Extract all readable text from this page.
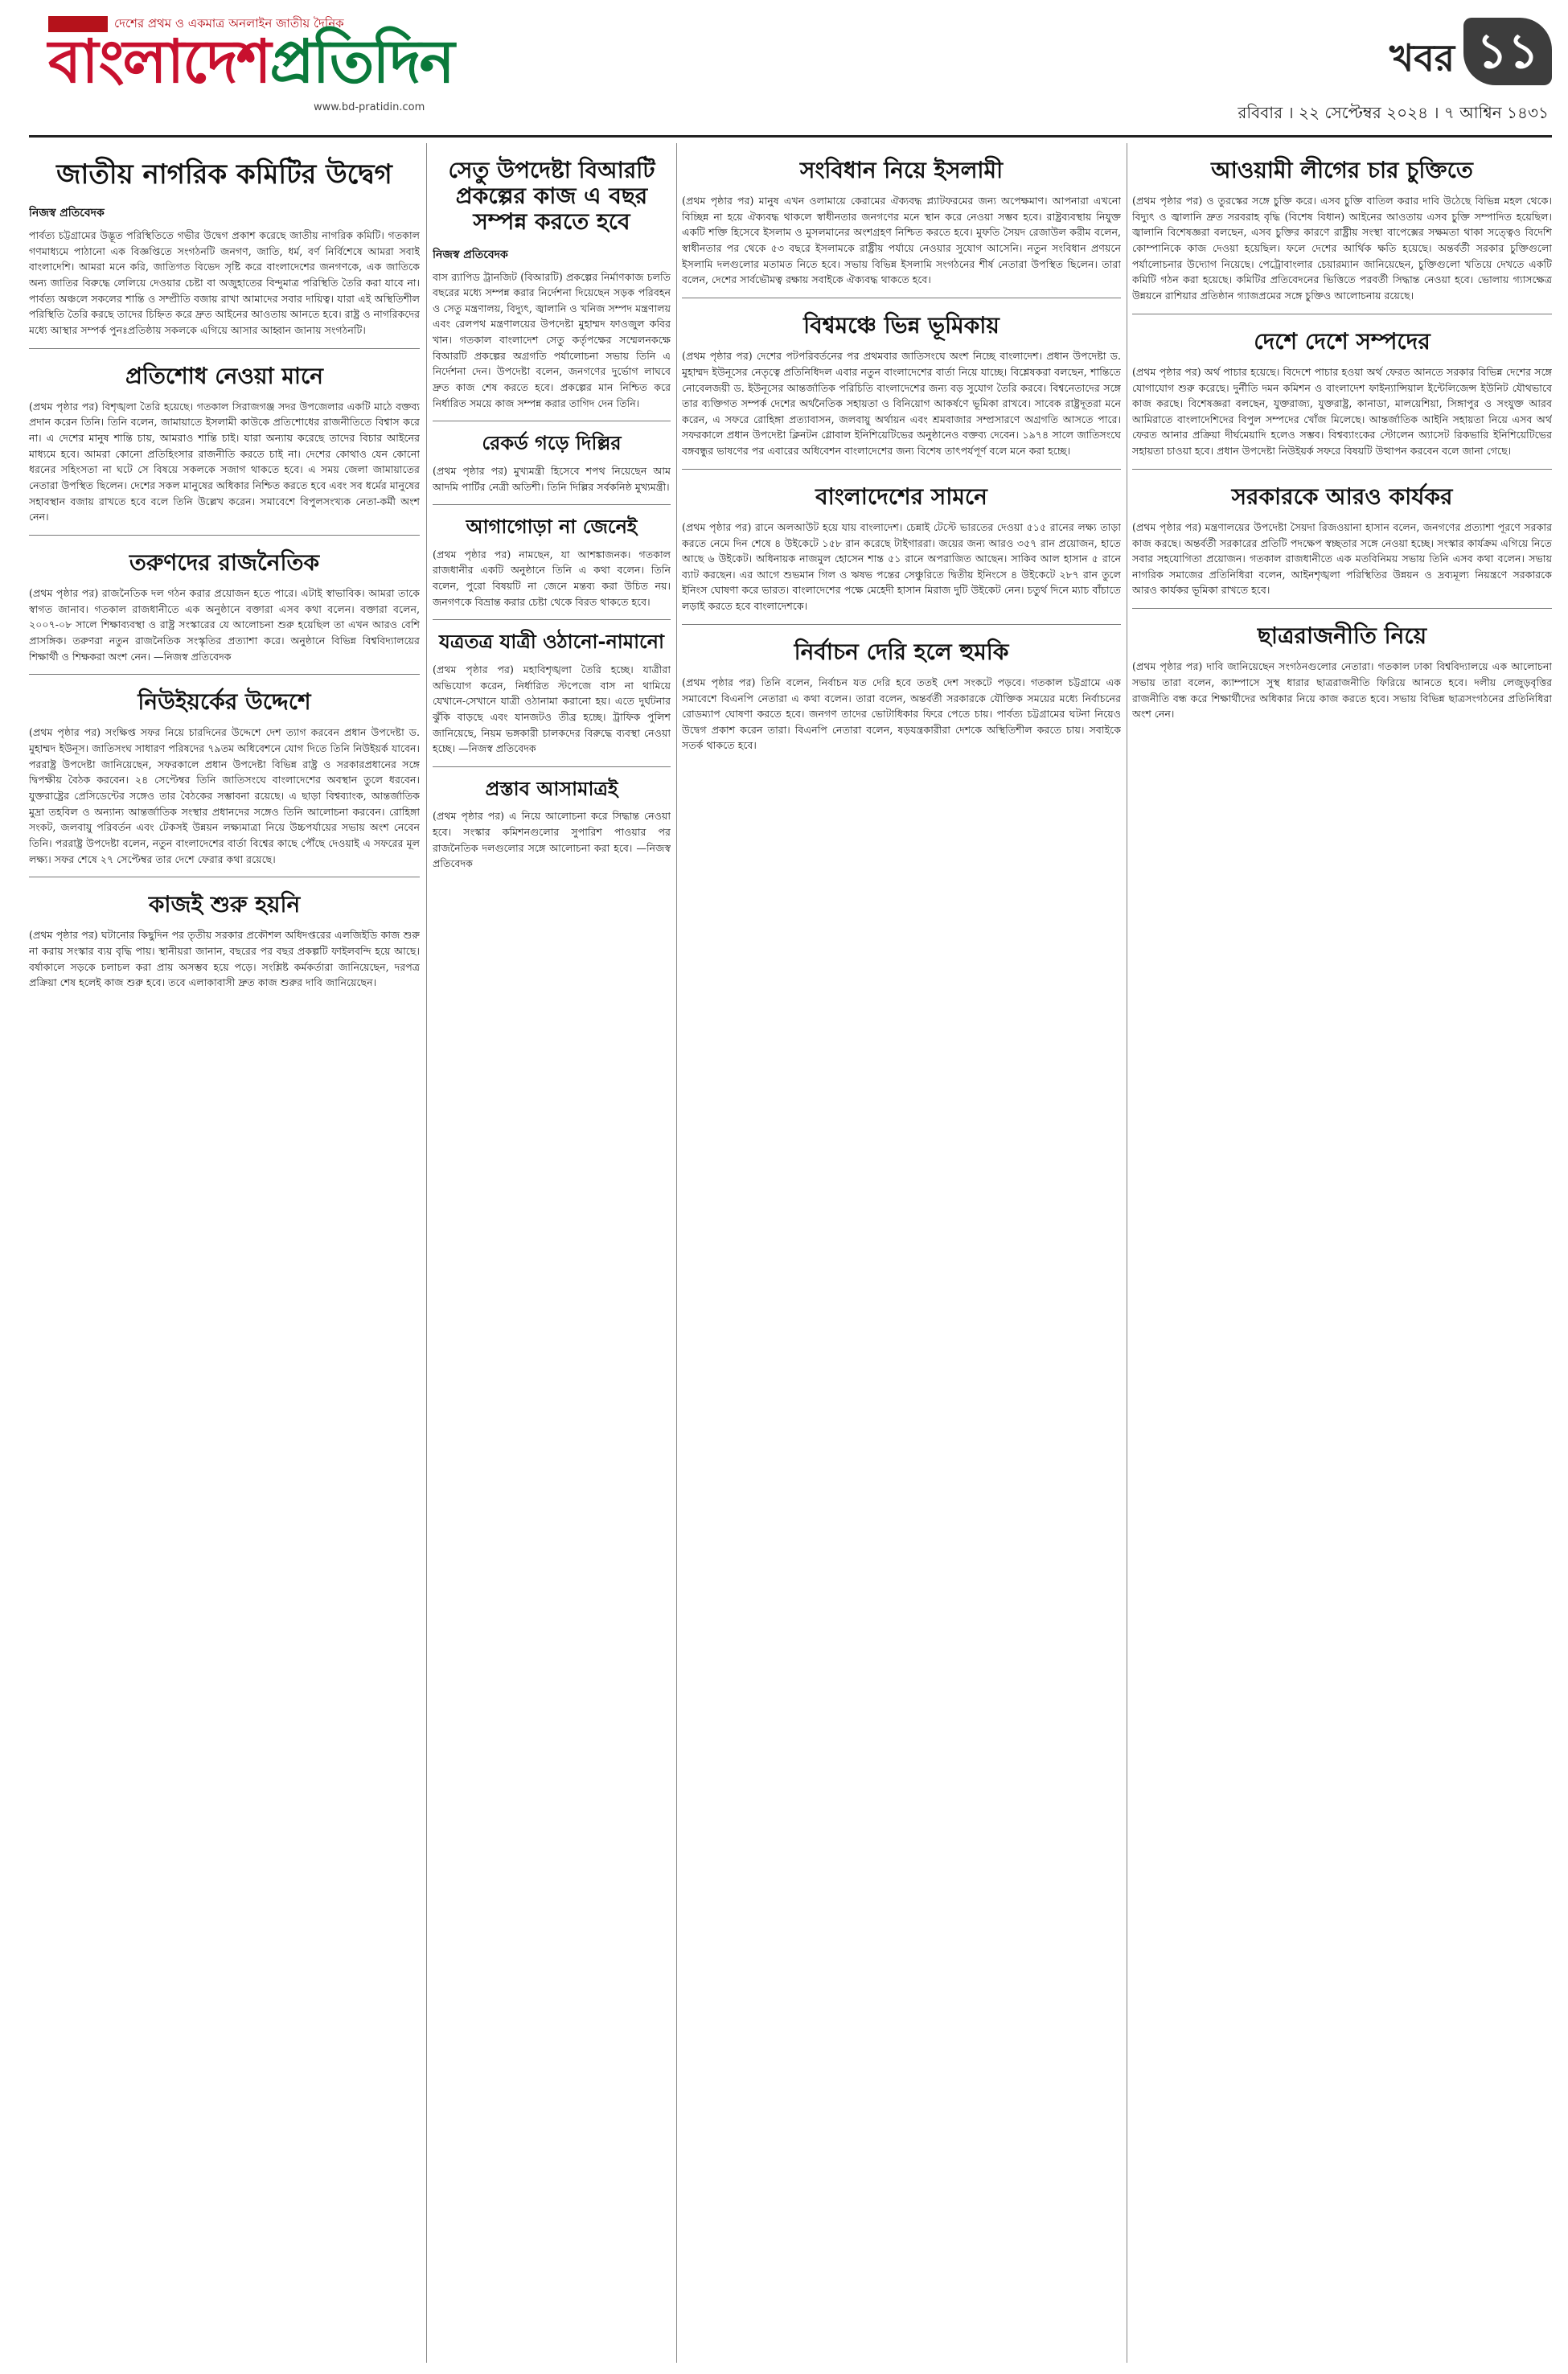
দেশের প্রথম ও একমাত্র অনলাইন জাতীয় দৈনিক
বাংলাদেশপ্রতিদিন
www.bd-pratidin.com
খবর ১১
রবিবার । ২২ সেপ্টেম্বর ২০২৪ । ৭ আশ্বিন ১৪৩১
জাতীয় নাগরিক কমিটির উদ্বেগ
নিজস্ব প্রতিবেদক

পার্বত্য চট্টগ্রামের উদ্ভূত পরিস্থিতিতে গভীর উদ্বেগ প্রকাশ করেছে জাতীয় নাগরিক কমিটি। গতকাল গণমাধ্যমে পাঠানো এক বিজ্ঞপ্তিতে সংগঠনটি জনগণ, জাতি, ধর্ম, বর্ণ নির্বিশেষে আমরা সবাই বাংলাদেশি। আমরা মনে করি, জাতিগত বিভেদ সৃষ্টি করে বাংলাদেশের জনগণকে, এক জাতিকে অন্য জাতির বিরুদ্ধে লেলিয়ে দেওয়ার চেষ্টা বা অজুহাতের বিন্দুমাত্র পরিস্থিতি তৈরি করা যাবে না। পার্বত্য অঞ্চলে সকলের শান্তি ও সম্প্রীতি বজায় রাখা আমাদের সবার দায়িত্ব। যারা এই অস্থিতিশীল পরিস্থিতি তৈরি করছে তাদের চিহ্নিত করে দ্রুত আইনের আওতায় আনতে হবে। রাষ্ট্র ও নাগরিকদের মধ্যে আস্থার সম্পর্ক পুনঃপ্রতিষ্ঠায় সকলকে এগিয়ে আসার আহ্বান জানায় সংগঠনটি।

প্রতিশোধ নেওয়া মানে

(প্রথম পৃষ্ঠার পর) বিশৃঙ্খলা তৈরি হয়েছে। গতকাল সিরাজগঞ্জ সদর উপজেলার একটি মাঠে বক্তব্য প্রদান করেন তিনি। তিনি বলেন, জামায়াতে ইসলামী কাউকে প্রতিশোধের রাজনীতিতে বিশ্বাস করে না। এ দেশের মানুষ শান্তি চায়, আমরাও শান্তি চাই। যারা অন্যায় করেছে তাদের বিচার আইনের মাধ্যমে হবে। আমরা কোনো প্রতিহিংসার রাজনীতি করতে চাই না। দেশের কোথাও যেন কোনো ধরনের সহিংসতা না ঘটে সে বিষয়ে সকলকে সজাগ থাকতে হবে। এ সময় জেলা জামায়াতের নেতারা উপস্থিত ছিলেন। দেশের সকল মানুষের অধিকার নিশ্চিত করতে হবে এবং সব ধর্মের মানুষের সহাবস্থান বজায় রাখতে হবে বলে তিনি উল্লেখ করেন। সমাবেশে বিপুলসংখ্যক নেতা-কর্মী অংশ নেন।

তরুণদের রাজনৈতিক

(প্রথম পৃষ্ঠার পর) রাজনৈতিক দল গঠন করার প্রয়োজন হতে পারে। এটাই স্বাভাবিক। আমরা তাকে স্বাগত জানাব। গতকাল রাজধানীতে এক অনুষ্ঠানে বক্তারা এসব কথা বলেন। বক্তারা বলেন, ২০০৭-০৮ সালে শিক্ষাব্যবস্থা ও রাষ্ট্র সংস্কারের যে আলোচনা শুরু হয়েছিল তা এখন আরও বেশি প্রাসঙ্গিক। তরুণরা নতুন রাজনৈতিক সংস্কৃতির প্রত্যাশা করে। অনুষ্ঠানে বিভিন্ন বিশ্ববিদ্যালয়ের শিক্ষার্থী ও শিক্ষকরা অংশ নেন। —নিজস্ব প্রতিবেদক

নিউইয়র্কের উদ্দেশে

(প্রথম পৃষ্ঠার পর) সংক্ষিপ্ত সফর নিয়ে চারদিনের উদ্দেশে দেশ ত্যাগ করবেন প্রধান উপদেষ্টা ড. মুহাম্মদ ইউনূস। জাতিসংঘ সাধারণ পরিষদের ৭৯তম অধিবেশনে যোগ দিতে তিনি নিউইয়র্ক যাবেন। পররাষ্ট্র উপদেষ্টা জানিয়েছেন, সফরকালে প্রধান উপদেষ্টা বিভিন্ন রাষ্ট্র ও সরকারপ্রধানের সঙ্গে দ্বিপক্ষীয় বৈঠক করবেন। ২৪ সেপ্টেম্বর তিনি জাতিসংঘে বাংলাদেশের অবস্থান তুলে ধরবেন। যুক্তরাষ্ট্রের প্রেসিডেন্টের সঙ্গেও তার বৈঠকের সম্ভাবনা রয়েছে। এ ছাড়া বিশ্বব্যাংক, আন্তর্জাতিক মুদ্রা তহবিল ও অন্যান্য আন্তর্জাতিক সংস্থার প্রধানদের সঙ্গেও তিনি আলোচনা করবেন। রোহিঙ্গা সংকট, জলবায়ু পরিবর্তন এবং টেকসই উন্নয়ন লক্ষ্যমাত্রা নিয়ে উচ্চপর্যায়ের সভায় অংশ নেবেন তিনি। পররাষ্ট্র উপদেষ্টা বলেন, নতুন বাংলাদেশের বার্তা বিশ্বের কাছে পৌঁছে দেওয়াই এ সফরের মূল লক্ষ্য। সফর শেষে ২৭ সেপ্টেম্বর তার দেশে ফেরার কথা রয়েছে।

কাজই শুরু হয়নি

(প্রথম পৃষ্ঠার পর) ঘটানোর কিছুদিন পর তৃতীয় সরকার প্রকৌশল অধিদপ্তরের এলজিইডি কাজ শুরু না করায় সংস্কার ব্যয় বৃদ্ধি পায়। স্থানীয়রা জানান, বছরের পর বছর প্রকল্পটি ফাইলবন্দি হয়ে আছে। বর্ষাকালে সড়কে চলাচল করা প্রায় অসম্ভব হয়ে পড়ে। সংশ্লিষ্ট কর্মকর্তারা জানিয়েছেন, দরপত্র প্রক্রিয়া শেষ হলেই কাজ শুরু হবে। তবে এলাকাবাসী দ্রুত কাজ শুরুর দাবি জানিয়েছেন।

সেতু উপদেষ্টা বিআরটি প্রকল্পের কাজ এ বছর সম্পন্ন করতে হবে
নিজস্ব প্রতিবেদক

বাস র‍্যাপিড ট্রানজিট (বিআরটি) প্রকল্পের নির্মাণকাজ চলতি বছরের মধ্যে সম্পন্ন করার নির্দেশনা দিয়েছেন সড়ক পরিবহন ও সেতু মন্ত্রণালয়, বিদ্যুৎ, জ্বালানি ও খনিজ সম্পদ মন্ত্রণালয় এবং রেলপথ মন্ত্রণালয়ের উপদেষ্টা মুহাম্মদ ফাওজুল কবির খান। গতকাল বাংলাদেশ সেতু কর্তৃপক্ষের সম্মেলনকক্ষে বিআরটি প্রকল্পের অগ্রগতি পর্যালোচনা সভায় তিনি এ নির্দেশনা দেন। উপদেষ্টা বলেন, জনগণের দুর্ভোগ লাঘবে দ্রুত কাজ শেষ করতে হবে। প্রকল্পের মান নিশ্চিত করে নির্ধারিত সময়ে কাজ সম্পন্ন করার তাগিদ দেন তিনি।

রেকর্ড গড়ে দিল্লির

(প্রথম পৃষ্ঠার পর) মুখ্যমন্ত্রী হিসেবে শপথ নিয়েছেন আম আদমি পার্টির নেত্রী অতিশী। তিনি দিল্লির সর্বকনিষ্ঠ মুখ্যমন্ত্রী।

আগাগোড়া না জেনেই

(প্রথম পৃষ্ঠার পর) নামছেন, যা আশঙ্কাজনক। গতকাল রাজধানীর একটি অনুষ্ঠানে তিনি এ কথা বলেন। তিনি বলেন, পুরো বিষয়টি না জেনে মন্তব্য করা উচিত নয়। জনগণকে বিভ্রান্ত করার চেষ্টা থেকে বিরত থাকতে হবে।

যত্রতত্র যাত্রী ওঠানো-নামানো

(প্রথম পৃষ্ঠার পর) মহাবিশৃঙ্খলা তৈরি হচ্ছে। যাত্রীরা অভিযোগ করেন, নির্ধারিত স্টপেজে বাস না থামিয়ে যেখানে-সেখানে যাত্রী ওঠানামা করানো হয়। এতে দুর্ঘটনার ঝুঁকি বাড়ছে এবং যানজটও তীব্র হচ্ছে। ট্রাফিক পুলিশ জানিয়েছে, নিয়ম ভঙ্গকারী চালকদের বিরুদ্ধে ব্যবস্থা নেওয়া হচ্ছে। —নিজস্ব প্রতিবেদক

প্রস্তাব আসামাত্রই

(প্রথম পৃষ্ঠার পর) এ নিয়ে আলোচনা করে সিদ্ধান্ত নেওয়া হবে। সংস্কার কমিশনগুলোর সুপারিশ পাওয়ার পর রাজনৈতিক দলগুলোর সঙ্গে আলোচনা করা হবে। —নিজস্ব প্রতিবেদক

সংবিধান নিয়ে ইসলামী

(প্রথম পৃষ্ঠার পর) মানুষ এখন ওলামায়ে কেরামের ঐক্যবদ্ধ প্ল্যাটফরমের জন্য অপেক্ষমাণ। আপনারা এখনো বিচ্ছিন্ন না হয়ে ঐক্যবদ্ধ থাকলে স্বাধীনতার জনগণের মনে স্থান করে নেওয়া সম্ভব হবে। রাষ্ট্রব্যবস্থায় নিযুক্ত একটি শক্তি হিসেবে ইসলাম ও মুসলমানের অংশগ্রহণ নিশ্চিত করতে হবে। মুফতি সৈয়দ রেজাউল করীম বলেন, স্বাধীনতার পর থেকে ৫৩ বছরে ইসলামকে রাষ্ট্রীয় পর্যায়ে নেওয়ার সুযোগ আসেনি। নতুন সংবিধান প্রণয়নে ইসলামি দলগুলোর মতামত নিতে হবে। সভায় বিভিন্ন ইসলামি সংগঠনের শীর্ষ নেতারা উপস্থিত ছিলেন। তারা বলেন, দেশের সার্বভৌমত্ব রক্ষায় সবাইকে ঐক্যবদ্ধ থাকতে হবে।

বিশ্বমঞ্চে ভিন্ন ভূমিকায়

(প্রথম পৃষ্ঠার পর) দেশের পটপরিবর্তনের পর প্রথমবার জাতিসংঘে অংশ নিচ্ছে বাংলাদেশ। প্রধান উপদেষ্টা ড. মুহাম্মদ ইউনূসের নেতৃত্বে প্রতিনিধিদল এবার নতুন বাংলাদেশের বার্তা নিয়ে যাচ্ছে। বিশ্লেষকরা বলছেন, শান্তিতে নোবেলজয়ী ড. ইউনূসের আন্তর্জাতিক পরিচিতি বাংলাদেশের জন্য বড় সুযোগ তৈরি করবে। বিশ্বনেতাদের সঙ্গে তার ব্যক্তিগত সম্পর্ক দেশের অর্থনৈতিক সহায়তা ও বিনিয়োগ আকর্ষণে ভূমিকা রাখবে। সাবেক রাষ্ট্রদূতরা মনে করেন, এ সফরে রোহিঙ্গা প্রত্যাবাসন, জলবায়ু অর্থায়ন এবং শ্রমবাজার সম্প্রসারণে অগ্রগতি আসতে পারে। সফরকালে প্রধান উপদেষ্টা ক্লিনটন গ্লোবাল ইনিশিয়েটিভের অনুষ্ঠানেও বক্তব্য দেবেন। ১৯৭৪ সালে জাতিসংঘে বঙ্গবন্ধুর ভাষণের পর এবারের অধিবেশন বাংলাদেশের জন্য বিশেষ তাৎপর্যপূর্ণ বলে মনে করা হচ্ছে।

বাংলাদেশের সামনে

(প্রথম পৃষ্ঠার পর) রানে অলআউট হয়ে যায় বাংলাদেশ। চেন্নাই টেস্টে ভারতের দেওয়া ৫১৫ রানের লক্ষ্য তাড়া করতে নেমে দিন শেষে ৪ উইকেটে ১৫৮ রান করেছে টাইগাররা। জয়ের জন্য আরও ৩৫৭ রান প্রয়োজন, হাতে আছে ৬ উইকেট। অধিনায়ক নাজমুল হোসেন শান্ত ৫১ রানে অপরাজিত আছেন। সাকিব আল হাসান ৫ রানে ব্যাট করছেন। এর আগে শুভমান গিল ও ঋষভ পন্তের সেঞ্চুরিতে দ্বিতীয় ইনিংসে ৪ উইকেটে ২৮৭ রান তুলে ইনিংস ঘোষণা করে ভারত। বাংলাদেশের পক্ষে মেহেদী হাসান মিরাজ দুটি উইকেট নেন। চতুর্থ দিনে ম্যাচ বাঁচাতে লড়াই করতে হবে বাংলাদেশকে।

নির্বাচন দেরি হলে হুমকি

(প্রথম পৃষ্ঠার পর) তিনি বলেন, নির্বাচন যত দেরি হবে ততই দেশ সংকটে পড়বে। গতকাল চট্টগ্রামে এক সমাবেশে বিএনপি নেতারা এ কথা বলেন। তারা বলেন, অন্তর্বর্তী সরকারকে যৌক্তিক সময়ের মধ্যে নির্বাচনের রোডম্যাপ ঘোষণা করতে হবে। জনগণ তাদের ভোটাধিকার ফিরে পেতে চায়। পার্বত্য চট্টগ্রামের ঘটনা নিয়েও উদ্বেগ প্রকাশ করেন তারা। বিএনপি নেতারা বলেন, ষড়যন্ত্রকারীরা দেশকে অস্থিতিশীল করতে চায়। সবাইকে সতর্ক থাকতে হবে।

আওয়ামী লীগের চার চুক্তিতে

(প্রথম পৃষ্ঠার পর) ও তুরস্কের সঙ্গে চুক্তি করে। এসব চুক্তি বাতিল করার দাবি উঠেছে বিভিন্ন মহল থেকে। বিদ্যুৎ ও জ্বালানি দ্রুত সরবরাহ বৃদ্ধি (বিশেষ বিধান) আইনের আওতায় এসব চুক্তি সম্পাদিত হয়েছিল। জ্বালানি বিশেষজ্ঞরা বলছেন, এসব চুক্তির কারণে রাষ্ট্রীয় সংস্থা বাপেক্সের সক্ষমতা থাকা সত্ত্বেও বিদেশি কোম্পানিকে কাজ দেওয়া হয়েছিল। ফলে দেশের আর্থিক ক্ষতি হয়েছে। অন্তর্বর্তী সরকার চুক্তিগুলো পর্যালোচনার উদ্যোগ নিয়েছে। পেট্রোবাংলার চেয়ারম্যান জানিয়েছেন, চুক্তিগুলো খতিয়ে দেখতে একটি কমিটি গঠন করা হয়েছে। কমিটির প্রতিবেদনের ভিত্তিতে পরবর্তী সিদ্ধান্ত নেওয়া হবে। ভোলায় গ্যাসক্ষেত্র উন্নয়নে রাশিয়ার প্রতিষ্ঠান গ্যাজপ্রমের সঙ্গে চুক্তিও আলোচনায় রয়েছে।

দেশে দেশে সম্পদের

(প্রথম পৃষ্ঠার পর) অর্থ পাচার হয়েছে। বিদেশে পাচার হওয়া অর্থ ফেরত আনতে সরকার বিভিন্ন দেশের সঙ্গে যোগাযোগ শুরু করেছে। দুর্নীতি দমন কমিশন ও বাংলাদেশ ফাইন্যান্সিয়াল ইন্টেলিজেন্স ইউনিট যৌথভাবে কাজ করছে। বিশেষজ্ঞরা বলছেন, যুক্তরাজ্য, যুক্তরাষ্ট্র, কানাডা, মালয়েশিয়া, সিঙ্গাপুর ও সংযুক্ত আরব আমিরাতে বাংলাদেশিদের বিপুল সম্পদের খোঁজ মিলেছে। আন্তর্জাতিক আইনি সহায়তা নিয়ে এসব অর্থ ফেরত আনার প্রক্রিয়া দীর্ঘমেয়াদি হলেও সম্ভব। বিশ্বব্যাংকের স্টোলেন অ্যাসেট রিকভারি ইনিশিয়েটিভের সহায়তা চাওয়া হবে। প্রধান উপদেষ্টা নিউইয়র্ক সফরে বিষয়টি উত্থাপন করবেন বলে জানা গেছে।

সরকারকে আরও কার্যকর

(প্রথম পৃষ্ঠার পর) মন্ত্রণালয়ের উপদেষ্টা সৈয়দা রিজওয়ানা হাসান বলেন, জনগণের প্রত্যাশা পূরণে সরকার কাজ করছে। অন্তর্বর্তী সরকারের প্রতিটি পদক্ষেপ স্বচ্ছতার সঙ্গে নেওয়া হচ্ছে। সংস্কার কার্যক্রম এগিয়ে নিতে সবার সহযোগিতা প্রয়োজন। গতকাল রাজধানীতে এক মতবিনিময় সভায় তিনি এসব কথা বলেন। সভায় নাগরিক সমাজের প্রতিনিধিরা বলেন, আইনশৃঙ্খলা পরিস্থিতির উন্নয়ন ও দ্রব্যমূল্য নিয়ন্ত্রণে সরকারকে আরও কার্যকর ভূমিকা রাখতে হবে।

ছাত্ররাজনীতি নিয়ে

(প্রথম পৃষ্ঠার পর) দাবি জানিয়েছেন সংগঠনগুলোর নেতারা। গতকাল ঢাকা বিশ্ববিদ্যালয়ে এক আলোচনা সভায় তারা বলেন, ক্যাম্পাসে সুস্থ ধারার ছাত্ররাজনীতি ফিরিয়ে আনতে হবে। দলীয় লেজুড়বৃত্তির রাজনীতি বন্ধ করে শিক্ষার্থীদের অধিকার নিয়ে কাজ করতে হবে। সভায় বিভিন্ন ছাত্রসংগঠনের প্রতিনিধিরা অংশ নেন।
